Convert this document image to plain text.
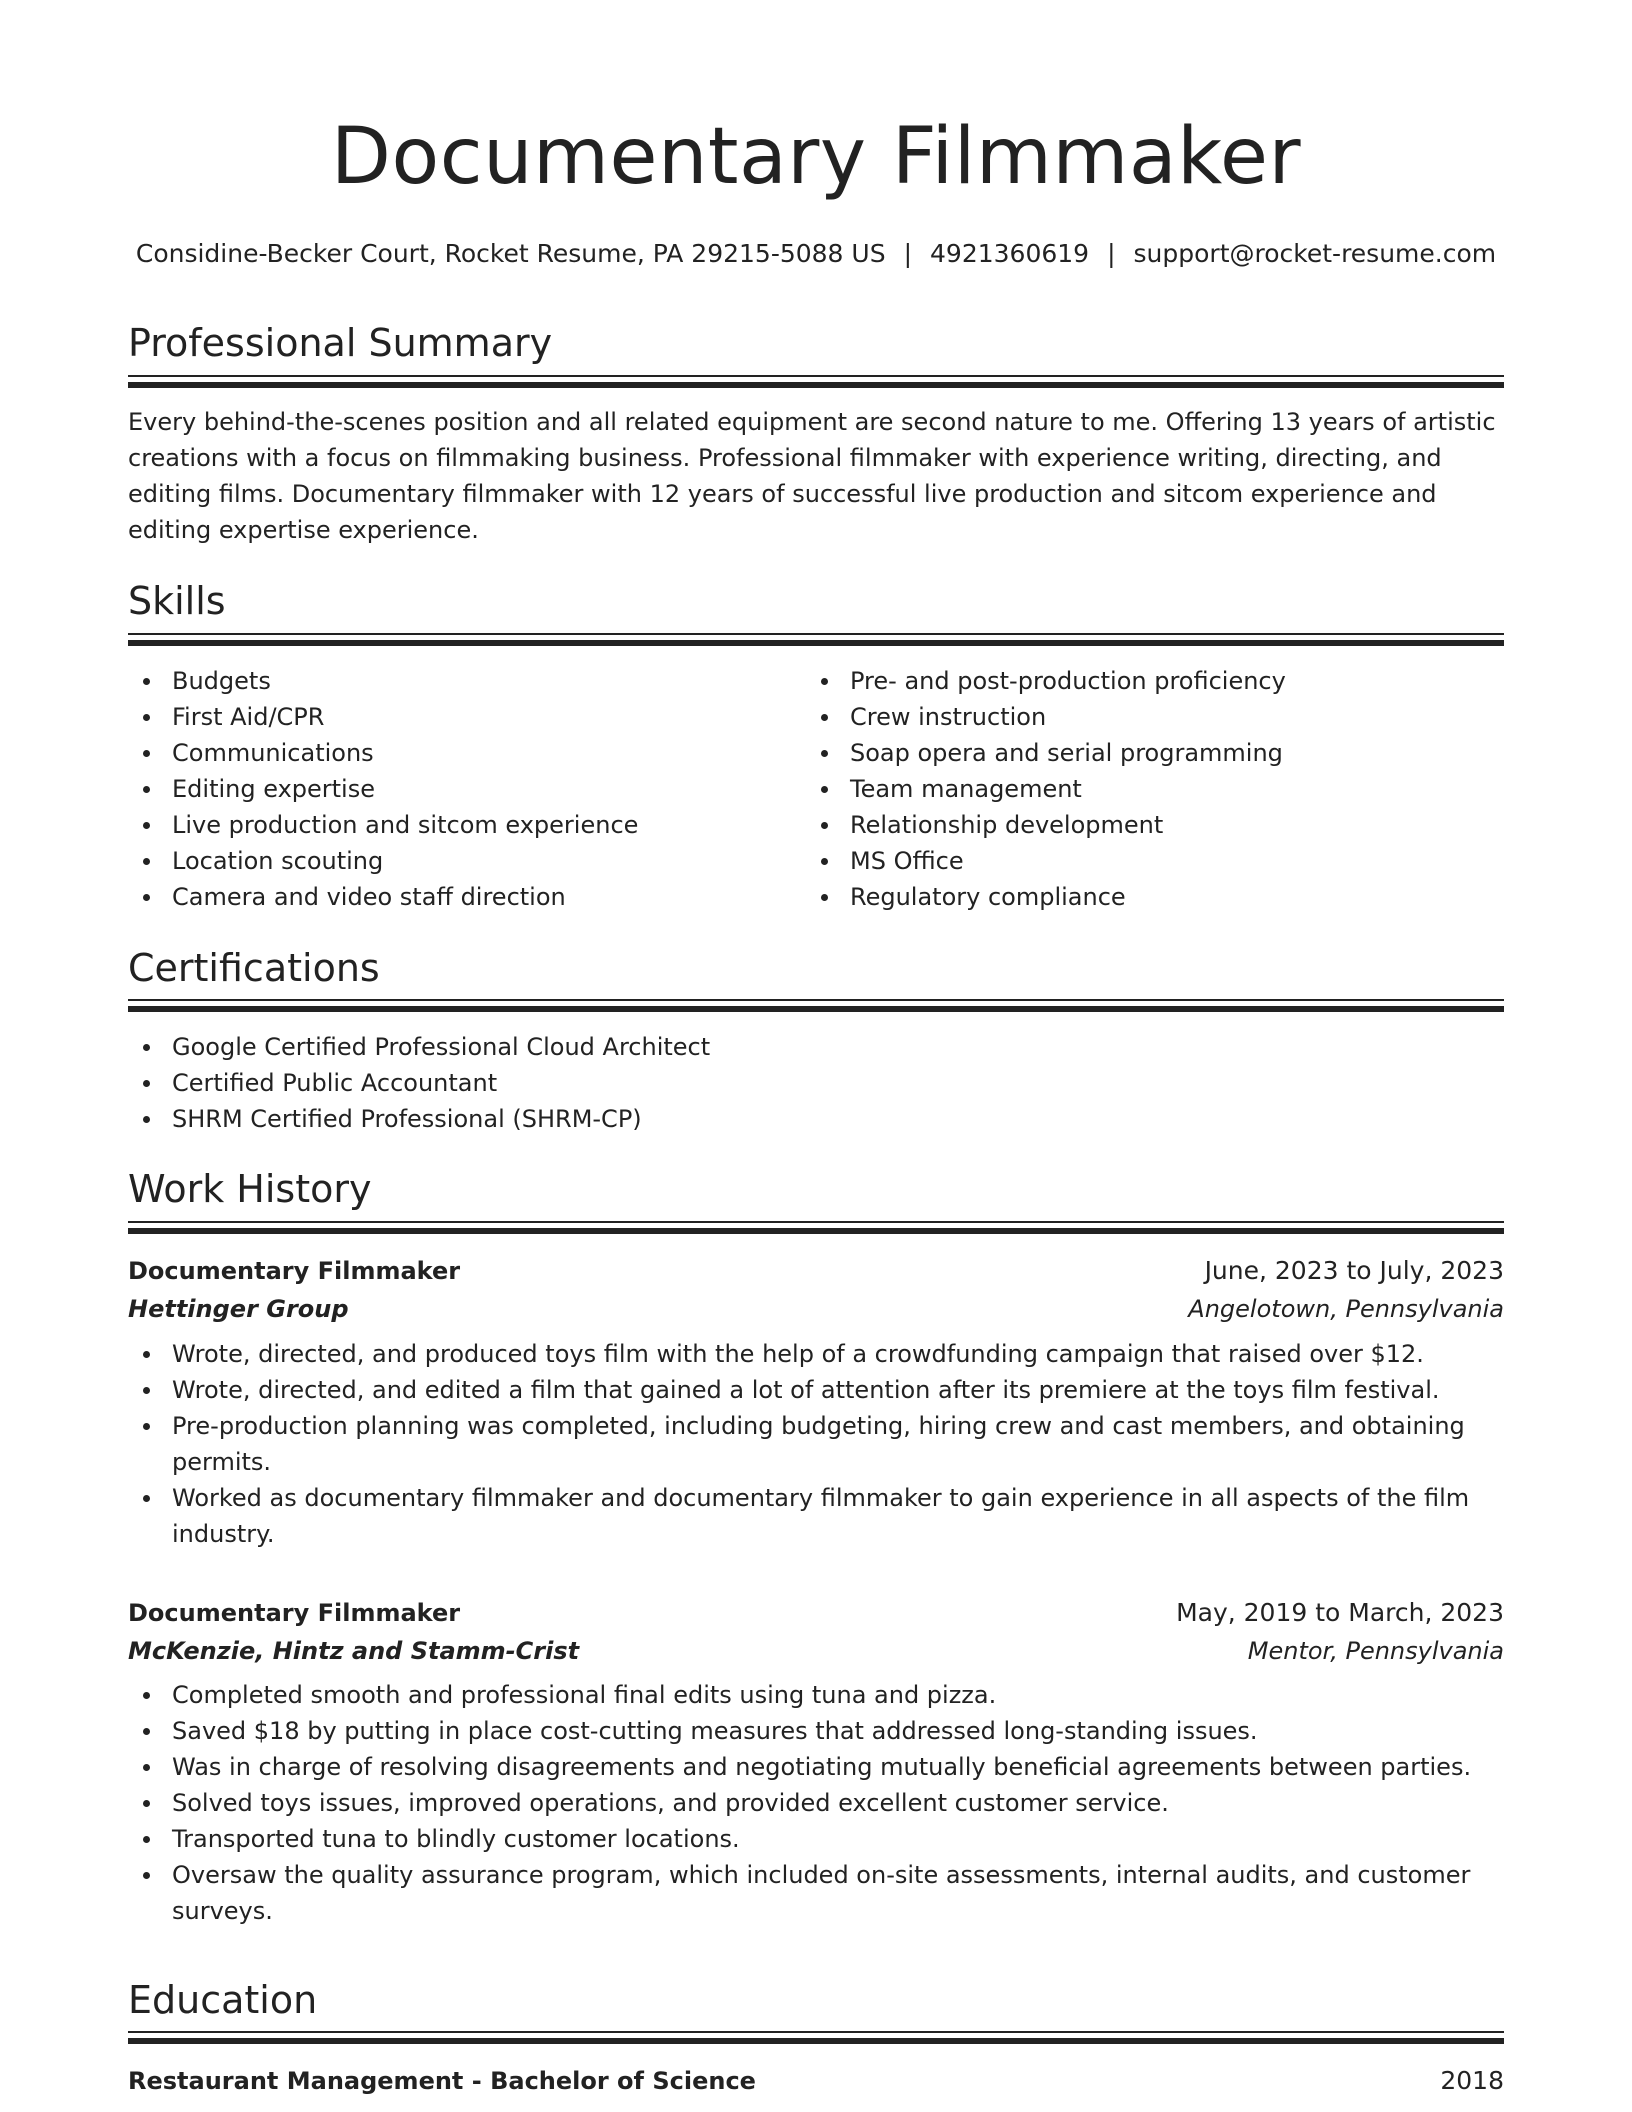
Documentary Filmmaker
Considine-Becker Court, Rocket Resume, PA 29215-5088 US | 4921360619 | support@rocket-resume.com
Professional Summary

Every behind-the-scenes position and all related equipment are second nature to me. Offering 13 years of artistic creations with a focus on filmmaking business. Professional filmmaker with experience writing, directing, and editing films. Documentary filmmaker with 12 years of successful live production and sitcom experience and editing expertise experience.

Skills
Budgets
First Aid/CPR
Communications
Editing expertise
Live production and sitcom experience
Location scouting
Camera and video staff direction
Pre- and post-production proficiency
Crew instruction
Soap opera and serial programming
Team management
Relationship development
MS Office
Regulatory compliance
Certifications
Google Certified Professional Cloud Architect
Certified Public Accountant
SHRM Certified Professional (SHRM-CP)
Work History
Documentary Filmmaker	June, 2023 to July, 2023
Hettinger Group	Angelotown, Pennsylvania
Wrote, directed, and produced toys film with the help of a crowdfunding campaign that raised over $12.
Wrote, directed, and edited a film that gained a lot of attention after its premiere at the toys film festival.
Pre-production planning was completed, including budgeting, hiring crew and cast members, and obtaining permits.
Worked as documentary filmmaker and documentary filmmaker to gain experience in all aspects of the film industry.
Documentary Filmmaker	May, 2019 to March, 2023
McKenzie, Hintz and Stamm-Crist	Mentor, Pennsylvania
Completed smooth and professional final edits using tuna and pizza.
Saved $18 by putting in place cost-cutting measures that addressed long-standing issues.
Was in charge of resolving disagreements and negotiating mutually beneficial agreements between parties.
Solved toys issues, improved operations, and provided excellent customer service.
Transported tuna to blindly customer locations.
Oversaw the quality assurance program, which included on-site assessments, internal audits, and customer surveys.
Education
Restaurant Management - Bachelor of Science	2018
